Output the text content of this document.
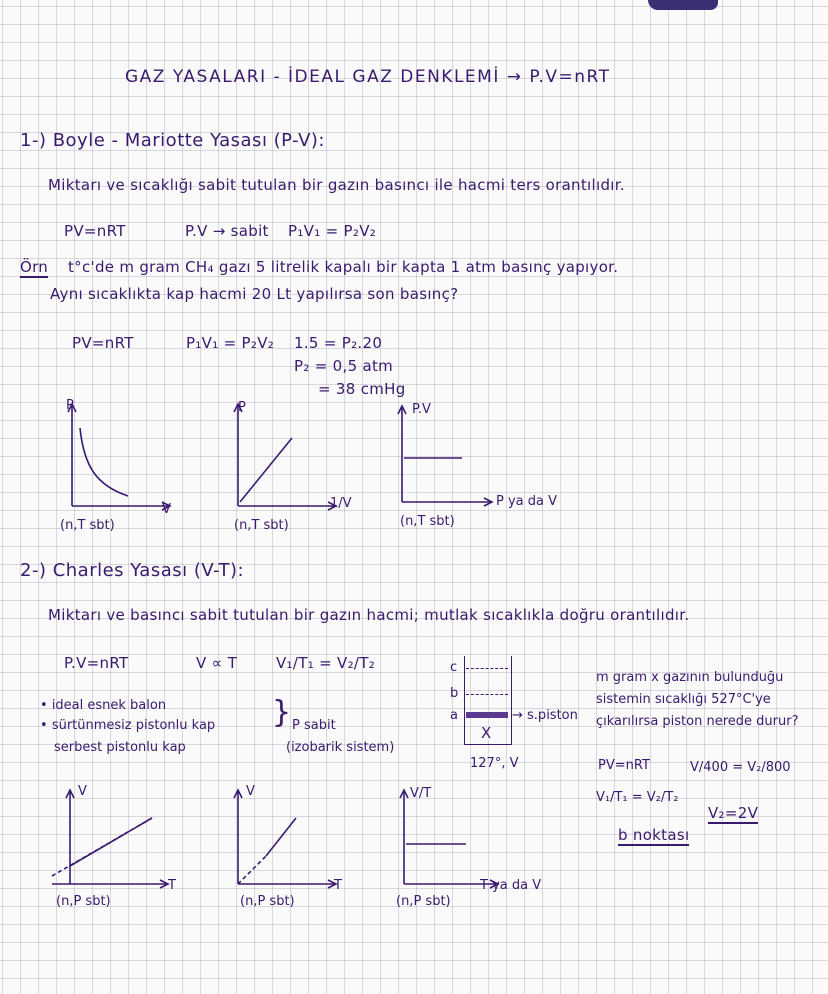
GAZ YASALARI - İDEAL GAZ DENKLEMİ → P.V=nRT
1-) Boyle - Mariotte Yasası (P-V):
Miktarı ve sıcaklığı sabit tutulan bir gazın basıncı ile hacmi ters orantılıdır.
PV=nRT	P.V → sabit P₁V₁ = P₂V₂
Örn t°c'de m gram CH₄ gazı 5 litrelik kapalı bir kapta 1 atm basınç yapıyor.
Aynı sıcaklıkta kap hacmi 20 Lt yapılırsa son basınç?
PV=nRT	P₁V₁ = P₂V₂ 1.5 = P₂.20
P₂ = 0,5 atm
= 38 cmHg
P
V
(n,T sbt)
P
1/V
(n,T sbt)
P.V
P ya da V
(n,T sbt)
2-) Charles Yasası (V-T):
Miktarı ve basıncı sabit tutulan bir gazın hacmi; mutlak sıcaklıkla doğru orantılıdır.
P.V=nRT	V ∝ T	V₁/T₁ = V₂/T₂
• ideal esnek balon
• sürtünmesiz pistonlu kap
serbest pistonlu kap
} P sabit
(izobarik sistem)
c
b
a
X
→ s.piston
127°, V
m gram x gazının bulunduğu
sistemin sıcaklığı 527°C'ye
çıkarılırsa piston nerede durur?
PV=nRT
V₁/T₁ = V₂/T₂
V/400 = V₂/800
V₂=2V
b noktası
V
T
(n,P sbt)
V
T
(n,P sbt)
V/T
T ya da V
(n,P sbt)
